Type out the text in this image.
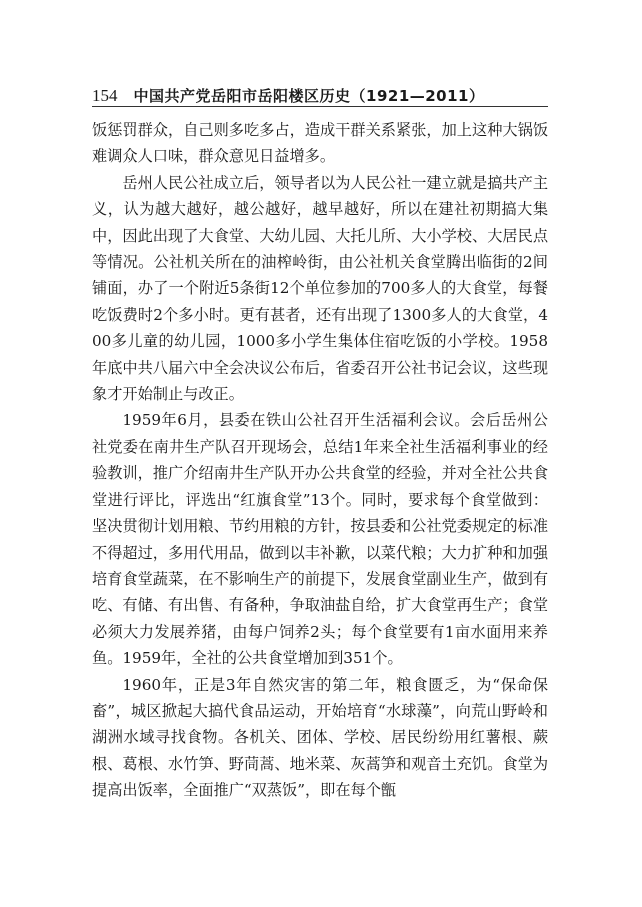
154 中国共产党岳阳市岳阳楼区历史（1921—2011）

饭惩罚群众，自己则多吃多占，造成干群关系紧张，加上这种大锅饭难调众人口味，群众意见日益增多。

岳州人民公社成立后，领导者以为人民公社一建立就是搞共产主义，认为越大越好，越公越好，越早越好，所以在建社初期搞大集中，因此出现了大食堂、大幼儿园、大托儿所、大小学校、大居民点等情况。公社机关所在的油榨岭街，由公社机关食堂腾出临街的2间铺面，办了一个附近5条街12个单位参加的700多人的大食堂，每餐吃饭费时2个多小时。更有甚者，还有出现了1300多人的大食堂，400多儿童的幼儿园，1000多小学生集体住宿吃饭的小学校。1958年底中共八届六中全会决议公布后，省委召开公社书记会议，这些现象才开始制止与改正。

1959年6月，县委在铁山公社召开生活福利会议。会后岳州公社党委在南井生产队召开现场会，总结1年来全社生活福利事业的经验教训，推广介绍南井生产队开办公共食堂的经验，并对全社公共食堂进行评比，评选出“红旗食堂”13个。同时，要求每个食堂做到：坚决贯彻计划用粮、节约用粮的方针，按县委和公社党委规定的标准不得超过，多用代用品，做到以丰补歉，以菜代粮；大力扩种和加强培育食堂蔬菜，在不影响生产的前提下，发展食堂副业生产，做到有吃、有储、有出售、有备种，争取油盐自给，扩大食堂再生产；食堂必须大力发展养猪，由每户饲养2头；每个食堂要有1亩水面用来养鱼。1959年，全社的公共食堂增加到351个。

1960年，正是3年自然灾害的第二年，粮食匮乏，为“保命保畜”，城区掀起大搞代食品运动，开始培育“水球藻”，向荒山野岭和湖洲水域寻找食物。各机关、团体、学校、居民纷纷用红薯根、蕨根、葛根、水竹笋、野茼蒿、地米菜、灰蒿笋和观音土充饥。食堂为提高出饭率，全面推广“双蒸饭”，即在每个甑
